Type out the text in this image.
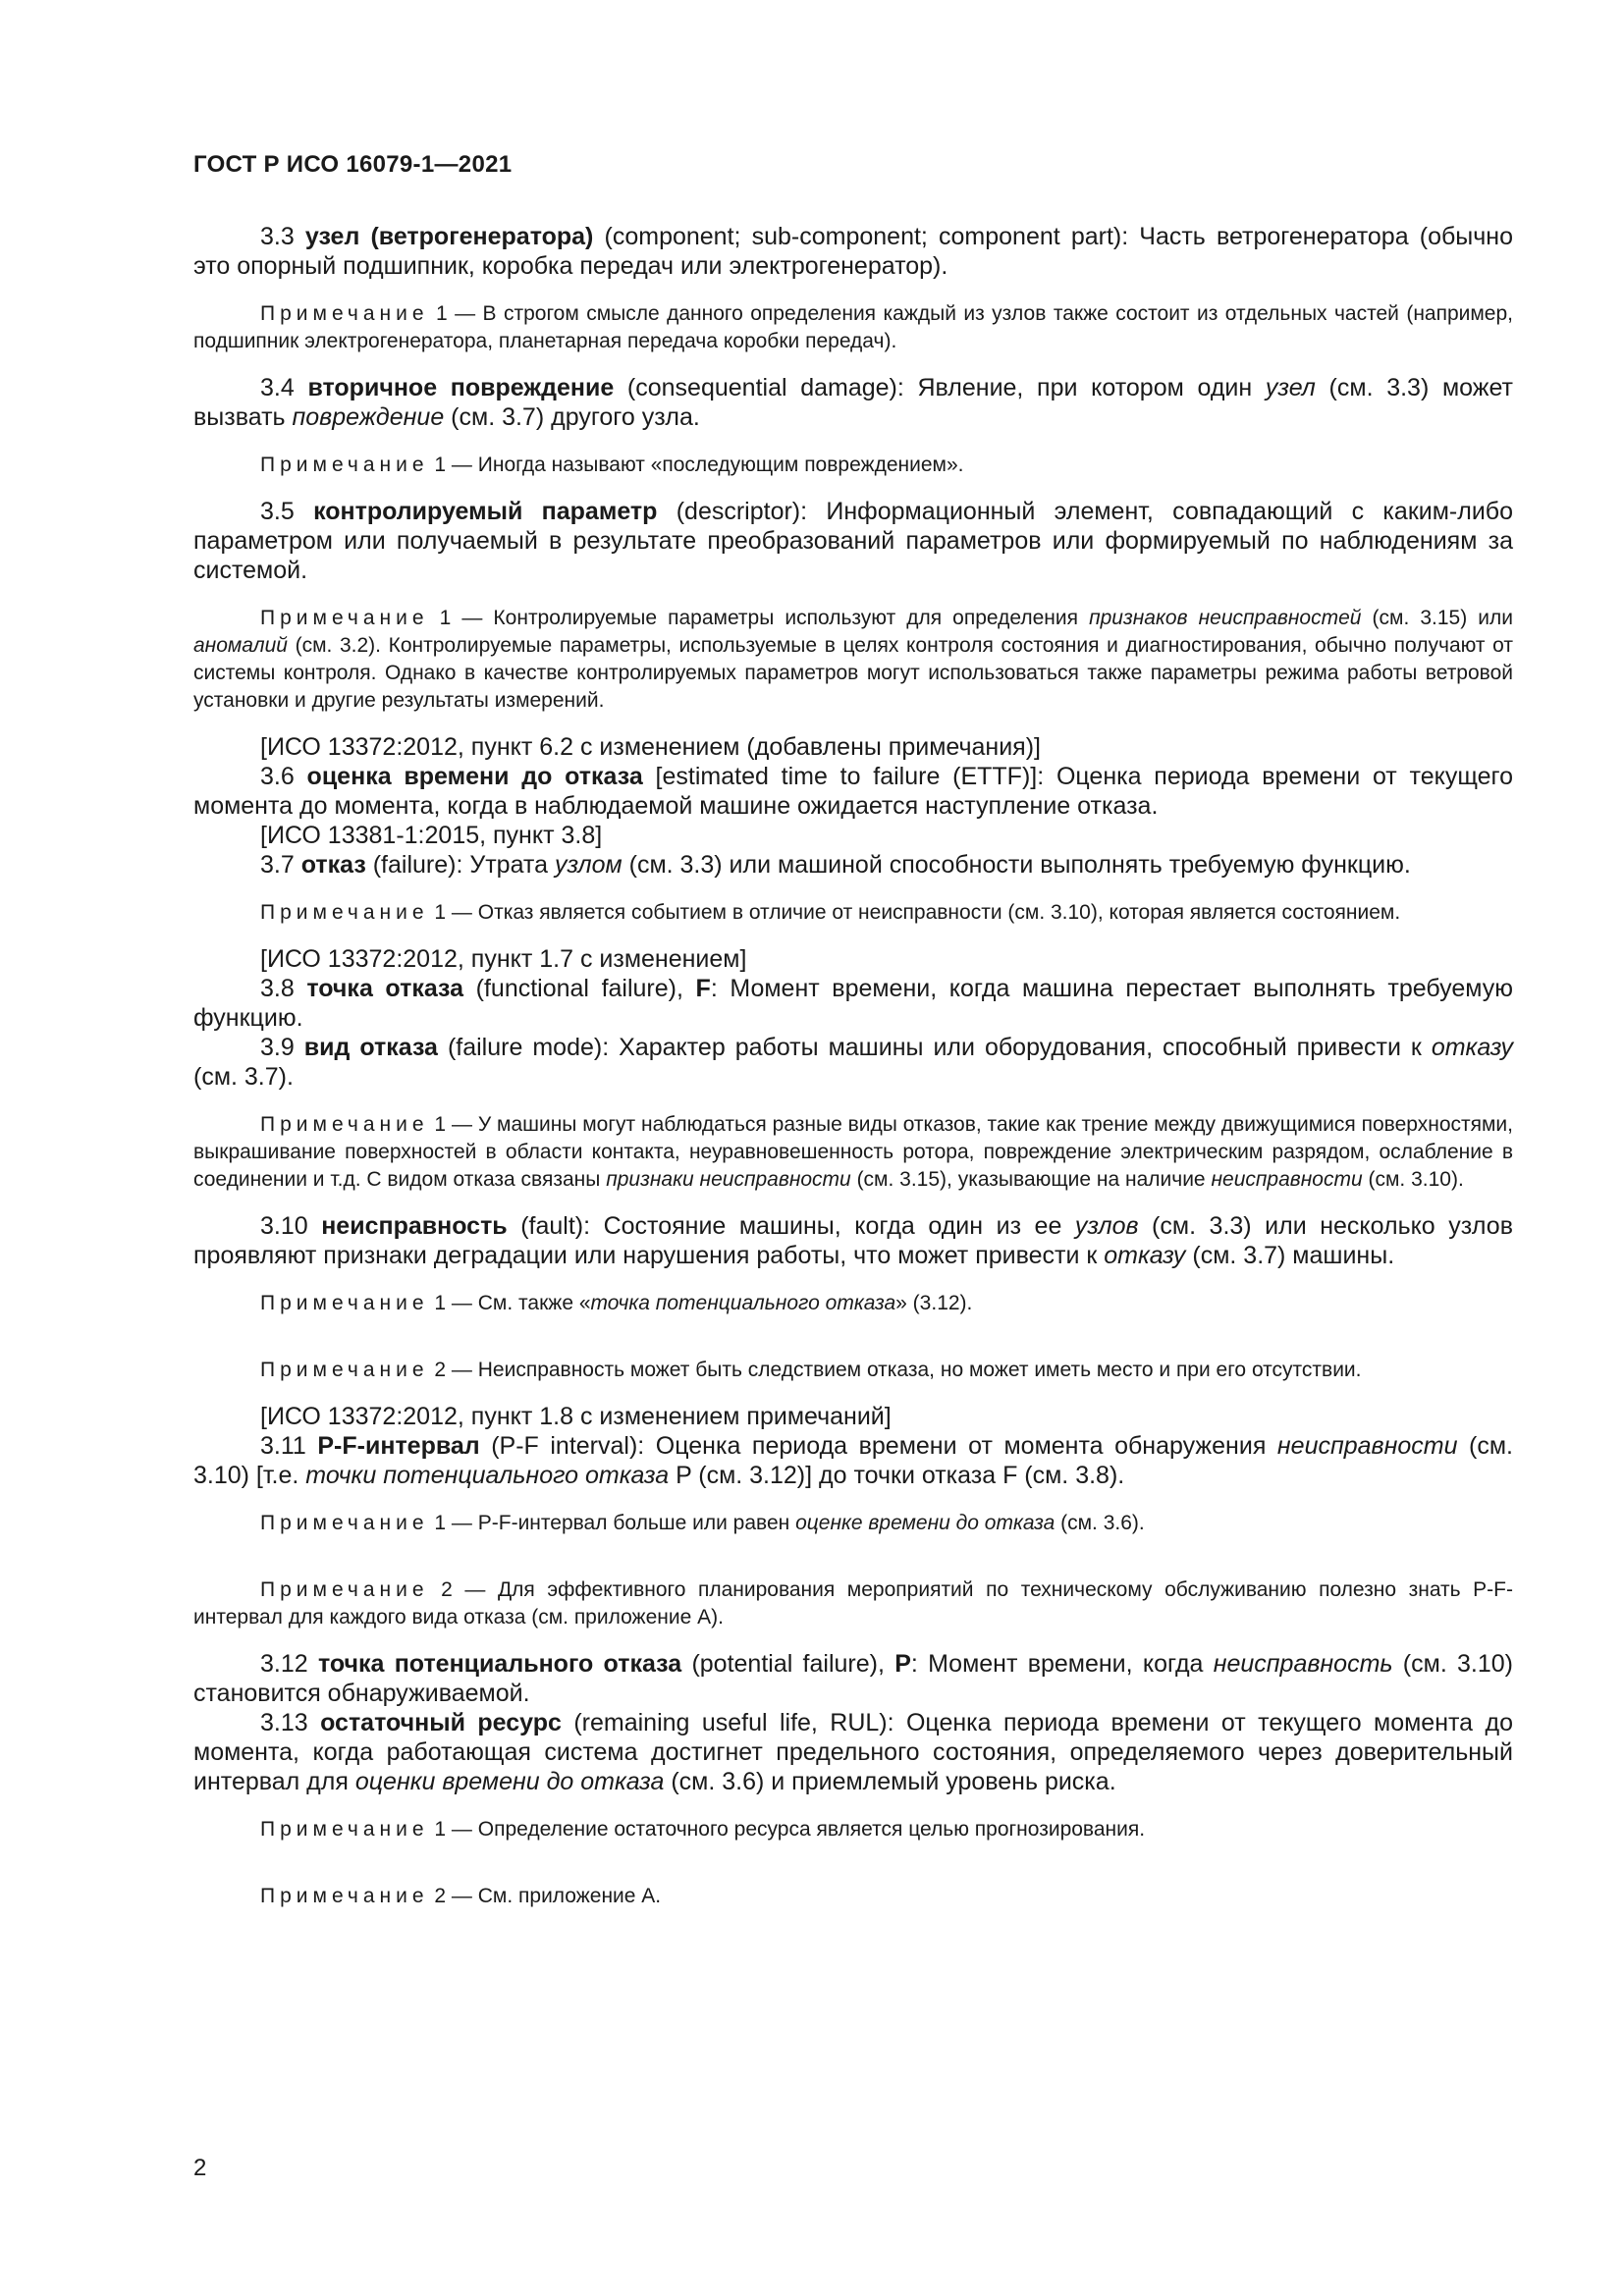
ГОСТ Р ИСО 16079-1—2021

3.3 узел (ветрогенератора) (component; sub-component; component part): Часть ветрогенератора (обычно это опорный подшипник, коробка передач или электрогенератор).

Примечание 1 — В строгом смысле данного определения каждый из узлов также состоит из отдельных частей (например, подшипник электрогенератора, планетарная передача коробки передач).

3.4 вторичное повреждение (consequential damage): Явление, при котором один узел (см. 3.3) может вызвать повреждение (см. 3.7) другого узла.

Примечание 1 — Иногда называют «последующим повреждением».

3.5 контролируемый параметр (descriptor): Информационный элемент, совпадающий с каким-либо параметром или получаемый в результате преобразований параметров или формируемый по наблюдениям за системой.

Примечание 1 — Контролируемые параметры используют для определения признаков неисправностей (см. 3.15) или аномалий (см. 3.2). Контролируемые параметры, используемые в целях контроля состояния и диагностирования, обычно получают от системы контроля. Однако в качестве контролируемых параметров могут использоваться также параметры режима работы ветровой установки и другие результаты измерений.

[ИСО 13372:2012, пункт 6.2 с изменением (добавлены примечания)]

3.6 оценка времени до отказа [estimated time to failure (ETTF)]: Оценка периода времени от текущего момента до момента, когда в наблюдаемой машине ожидается наступление отказа.

[ИСО 13381-1:2015, пункт 3.8]

3.7 отказ (failure): Утрата узлом (см. 3.3) или машиной способности выполнять требуемую функцию.

Примечание 1 — Отказ является событием в отличие от неисправности (см. 3.10), которая является состоянием.

[ИСО 13372:2012, пункт 1.7 с изменением]

3.8 точка отказа (functional failure), F: Момент времени, когда машина перестает выполнять требуемую функцию.

3.9 вид отказа (failure mode): Характер работы машины или оборудования, способный привести к отказу (см. 3.7).

Примечание 1 — У машины могут наблюдаться разные виды отказов, такие как трение между движущимися поверхностями, выкрашивание поверхностей в области контакта, неуравновешенность ротора, повреждение электрическим разрядом, ослабление в соединении и т.д. С видом отказа связаны признаки неисправности (см. 3.15), указывающие на наличие неисправности (см. 3.10).

3.10 неисправность (fault): Состояние машины, когда один из ее узлов (см. 3.3) или несколько узлов проявляют признаки деградации или нарушения работы, что может привести к отказу (см. 3.7) машины.

Примечание 1 — См. также «точка потенциального отказа» (3.12).

Примечание 2 — Неисправность может быть следствием отказа, но может иметь место и при его отсутствии.

[ИСО 13372:2012, пункт 1.8 с изменением примечаний]

3.11 P-F-интервал (P-F interval): Оценка периода времени от момента обнаружения неисправности (см. 3.10) [т.е. точки потенциального отказа P (см. 3.12)] до точки отказа F (см. 3.8).

Примечание 1 — P-F-интервал больше или равен оценке времени до отказа (см. 3.6).

Примечание 2 — Для эффективного планирования мероприятий по техническому обслуживанию полезно знать P-F-интервал для каждого вида отказа (см. приложение А).

3.12 точка потенциального отказа (potential failure), P: Момент времени, когда неисправность (см. 3.10) становится обнаруживаемой.

3.13 остаточный ресурс (remaining useful life, RUL): Оценка периода времени от текущего момента до момента, когда работающая система достигнет предельного состояния, определяемого через доверительный интервал для оценки времени до отказа (см. 3.6) и приемлемый уровень риска.

Примечание 1 — Определение остаточного ресурса является целью прогнозирования.

Примечание 2 — См. приложение А.

2
